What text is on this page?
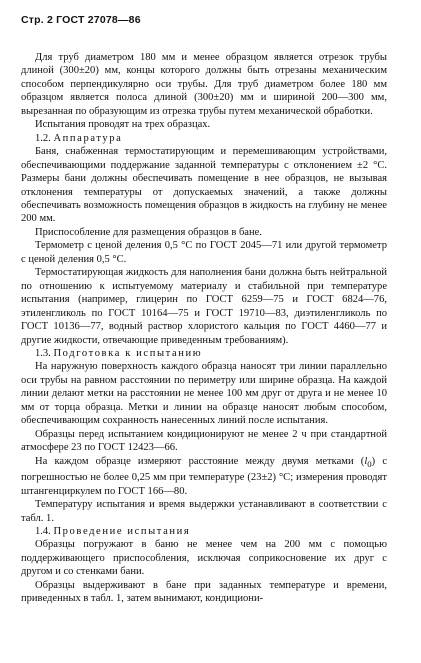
Стр. 2 ГОСТ 27078—86

Для труб диаметром 180 мм и менее образцом является отрезок трубы длиной (300±20) мм, концы которого должны быть отрезаны механическим способом перпендикулярно оси трубы. Для труб диаметром более 180 мм образцом является полоса длиной (300±20) мм и шириной 200—300 мм, вырезанная по образующим из отрезка трубы путем механической обработки.

Испытания проводят на трех образцах.

1.2. Аппаратура

Баня, снабженная термостатирующим и перемешивающим устройствами, обеспечивающими поддержание заданной температуры с отклонением ±2 °С. Размеры бани должны обеспечивать помещение в нее образцов, не вызывая отклонения температуры от допускаемых значений, а также должны обеспечивать возможность помещения образцов в жидкость на глубину не менее 200 мм.

Приспособление для размещения образцов в бане.

Термометр с ценой деления 0,5 °С по ГОСТ 2045—71 или другой термометр с ценой деления 0,5 °С.

Термостатирующая жидкость для наполнения бани должна быть нейтральной по отношению к испытуемому материалу и стабильной при температуре испытания (например, глицерин по ГОСТ 6259—75 и ГОСТ 6824—76, этиленгликоль по ГОСТ 10164—75 и ГОСТ 19710—83, диэтиленгликоль по ГОСТ 10136—77, водный раствор хлористого кальция по ГОСТ 4460—77 и другие жидкости, отвечающие приведенным требованиям).

1.3. Подготовка к испытанию

На наружную поверхность каждого образца наносят три линии параллельно оси трубы на равном расстоянии по периметру или ширине образца. На каждой линии делают метки на расстоянии не менее 100 мм друг от друга и не менее 10 мм от торца образца. Метки и линии на образце наносят любым способом, обеспечивающим сохранность нанесенных линий после испытания.

Образцы перед испытанием кондиционируют не менее 2 ч при стандартной атмосфере 23 по ГОСТ 12423—66.

На каждом образце измеряют расстояние между двумя метками $(l_0)$ с погрешностью не более 0,25 мм при температуре (23±2) °С; измерения проводят штангенциркулем по ГОСТ 166—80.

Температуру испытания и время выдержки устанавливают в соответствии с табл. 1.

1.4. Проведение испытания

Образцы погружают в баню не менее чем на 200 мм с помощью поддерживающего приспособления, исключая соприкосновение их друг с другом и со стенками бани.

Образцы выдерживают в бане при заданных температуре и времени, приведенных в табл. 1, затем вынимают, кондициони-
